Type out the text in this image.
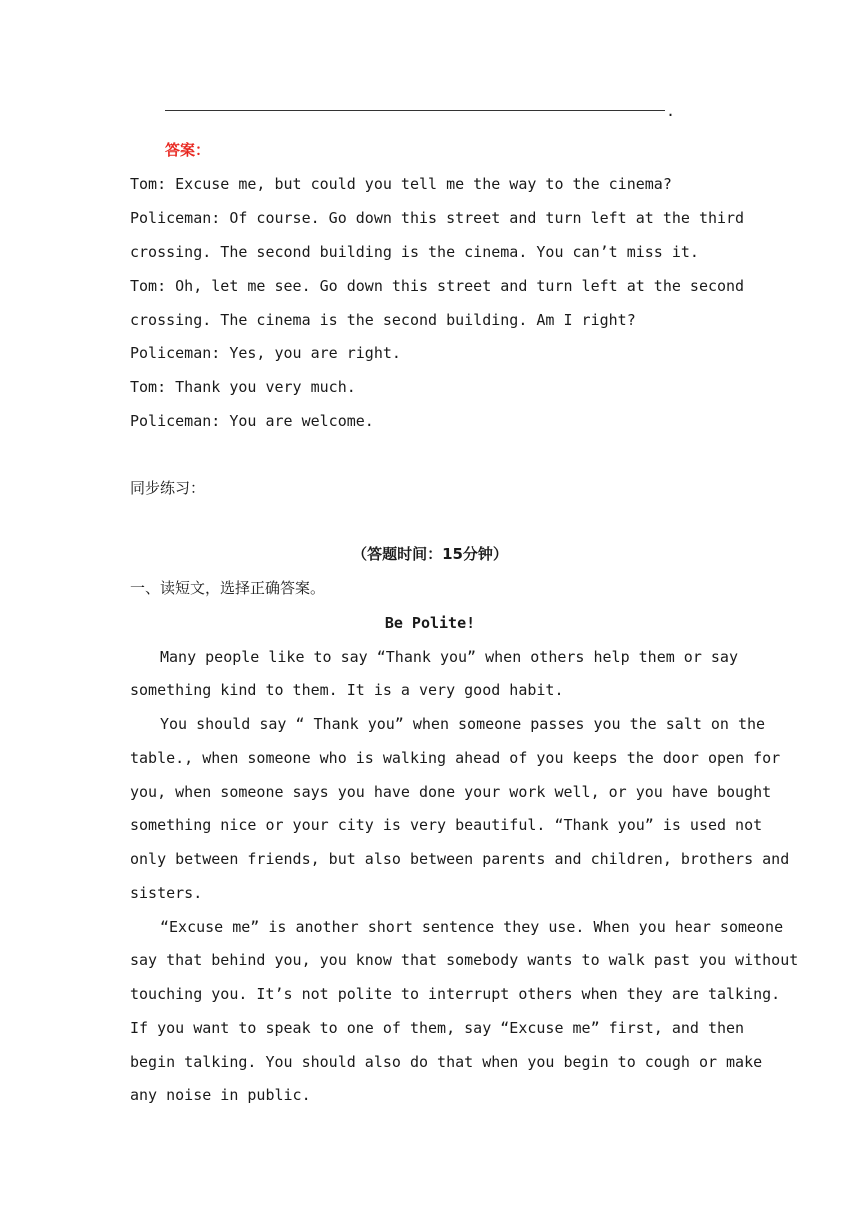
.
答案：
Tom: Excuse me, but could you tell me the way to the cinema?
Policeman: Of course. Go down this street and turn left at the third
crossing. The second building is the cinema. You can’t miss it.
Tom: Oh, let me see. Go down this street and turn left at the second
crossing. The cinema is the second building. Am I right?
Policeman: Yes, you are right.
Tom: Thank you very much.
Policeman: You are welcome.
同步练习：
（答题时间：15分钟）
一、读短文，选择正确答案。
Be Polite!
Many people like to say “Thank you” when others help them or say
something kind to them. It is a very good habit.
You should say “ Thank you” when someone passes you the salt on the
table., when someone who is walking ahead of you keeps the door open for
you, when someone says you have done your work well, or you have bought
something nice or your city is very beautiful. “Thank you” is used not
only between friends, but also between parents and children, brothers and
sisters.
“Excuse me” is another short sentence they use. When you hear someone
say that behind you, you know that somebody wants to walk past you without
touching you. It’s not polite to interrupt others when they are talking.
If you want to speak to one of them, say “Excuse me” first, and then
begin talking. You should also do that when you begin to cough or make
any noise in public.
